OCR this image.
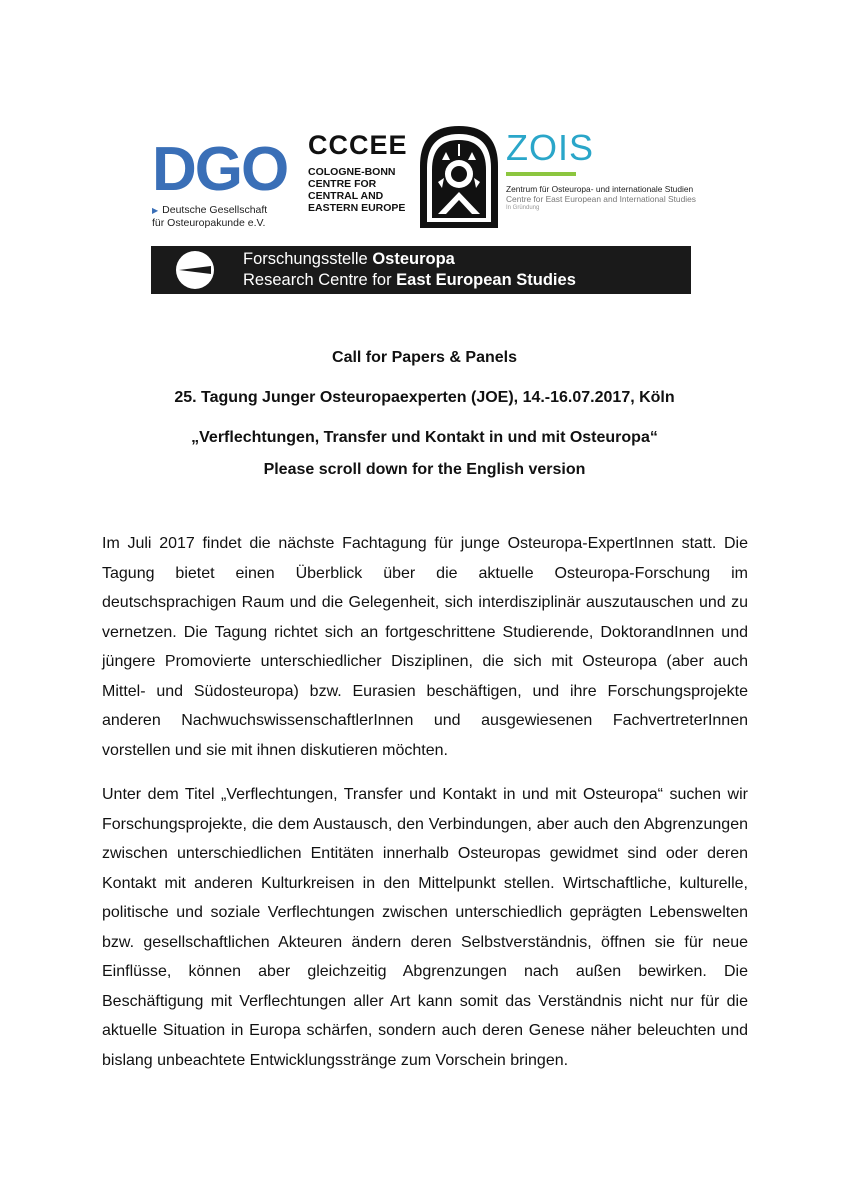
DGO
▶ Deutsche Gesellschaft
für Osteuropakunde e.V.
CCCEE
COLOGNE-BONN
CENTRE FOR
CENTRAL AND
EASTERN EUROPE
ZOIS
Zentrum für Osteuropa- und internationale Studien
Centre for East European and International Studies
In Gründung
Forschungsstelle Osteuropa
Research Centre for East European Studies
Call for Papers & Panels
25. Tagung Junger Osteuropaexperten (JOE), 14.-16.07.2017, Köln
„Verflechtungen, Transfer und Kontakt in und mit Osteuropa“
Please scroll down for the English version

Im Juli 2017 findet die nächste Fachtagung für junge Osteuropa-ExpertInnen statt. Die Tagung bietet einen Überblick über die aktuelle Osteuropa-Forschung im deutschsprachigen Raum und die Gelegenheit, sich interdisziplinär auszutauschen und zu vernetzen. Die Tagung richtet sich an fortgeschrittene Studierende, DoktorandInnen und jüngere Promovierte unterschiedlicher Disziplinen, die sich mit Osteuropa (aber auch Mittel- und Südosteuropa) bzw. Eurasien beschäftigen, und ihre Forschungsprojekte anderen NachwuchswissenschaftlerInnen und ausgewiesenen FachvertreterInnen vorstellen und sie mit ihnen diskutieren möchten.

Unter dem Titel „Verflechtungen, Transfer und Kontakt in und mit Osteuropa“ suchen wir Forschungsprojekte, die dem Austausch, den Verbindungen, aber auch den Abgrenzungen zwischen unterschiedlichen Entitäten innerhalb Osteuropas gewidmet sind oder deren Kontakt mit anderen Kulturkreisen in den Mittelpunkt stellen. Wirtschaftliche, kulturelle, politische und soziale Verflechtungen zwischen unterschiedlich geprägten Lebenswelten bzw. gesellschaftlichen Akteuren ändern deren Selbstverständnis, öffnen sie für neue Einflüsse, können aber gleichzeitig Abgrenzungen nach außen bewirken. Die Beschäftigung mit Verflechtungen aller Art kann somit das Verständnis nicht nur für die aktuelle Situation in Europa schärfen, sondern auch deren Genese näher beleuchten und bislang unbeachtete Entwicklungsstränge zum Vorschein bringen.
